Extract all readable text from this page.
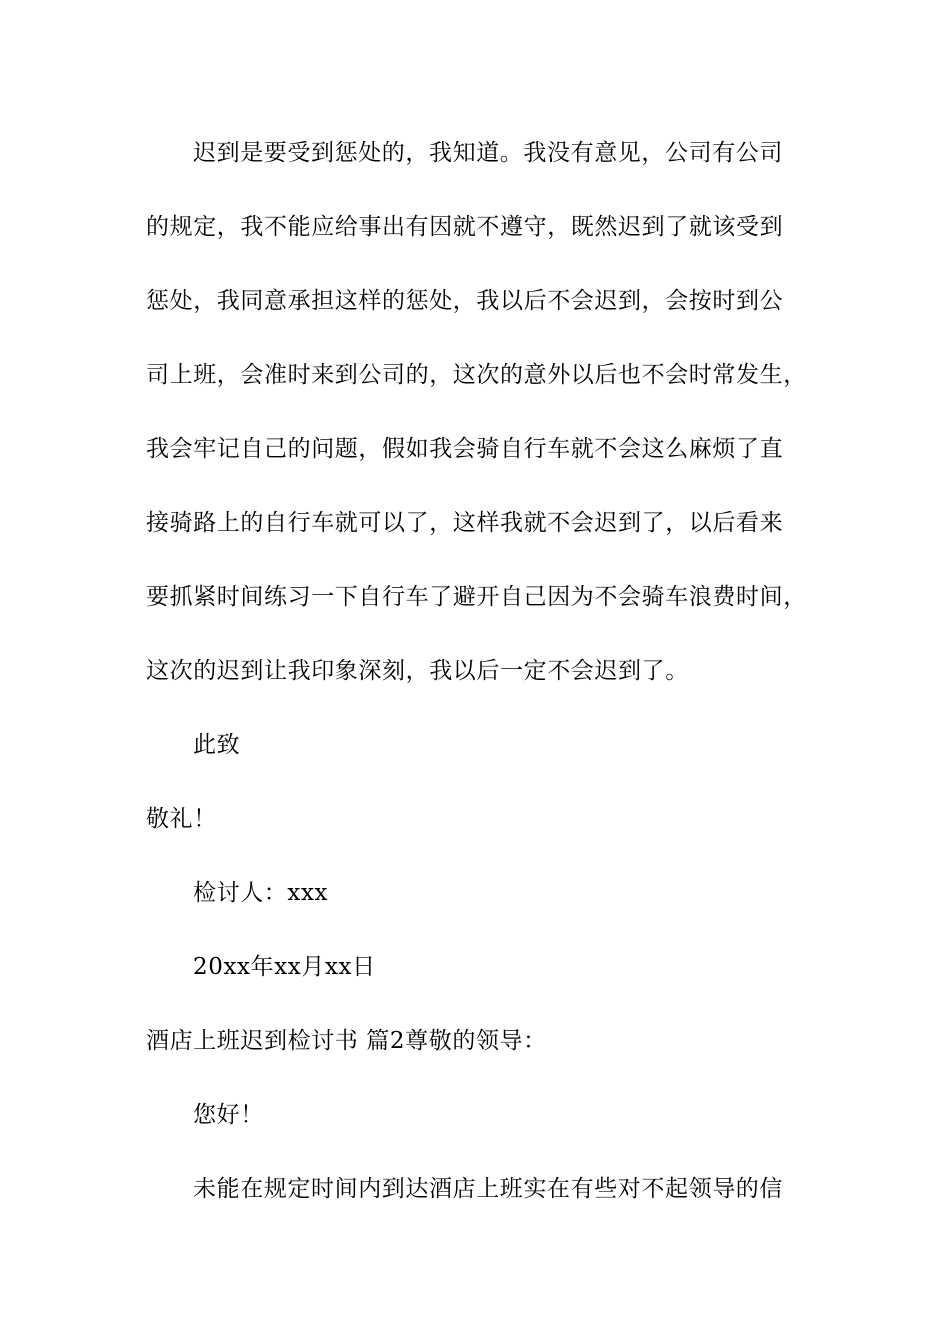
迟到是要受到惩处的，我知道。我没有意见，公司有公司
的规定，我不能应给事出有因就不遵守，既然迟到了就该受到
惩处，我同意承担这样的惩处，我以后不会迟到，会按时到公
司上班，会准时来到公司的，这次的意外以后也不会时常发生，
我会牢记自己的问题，假如我会骑自行车就不会这么麻烦了直
接骑路上的自行车就可以了，这样我就不会迟到了，以后看来
要抓紧时间练习一下自行车了避开自己因为不会骑车浪费时间，
这次的迟到让我印象深刻，我以后一定不会迟到了。
此致
敬礼！
检讨人：xxx
20xx年xx月xx日
酒店上班迟到检讨书 篇2尊敬的领导：
您好！
未能在规定时间内到达酒店上班实在有些对不起领导的信
